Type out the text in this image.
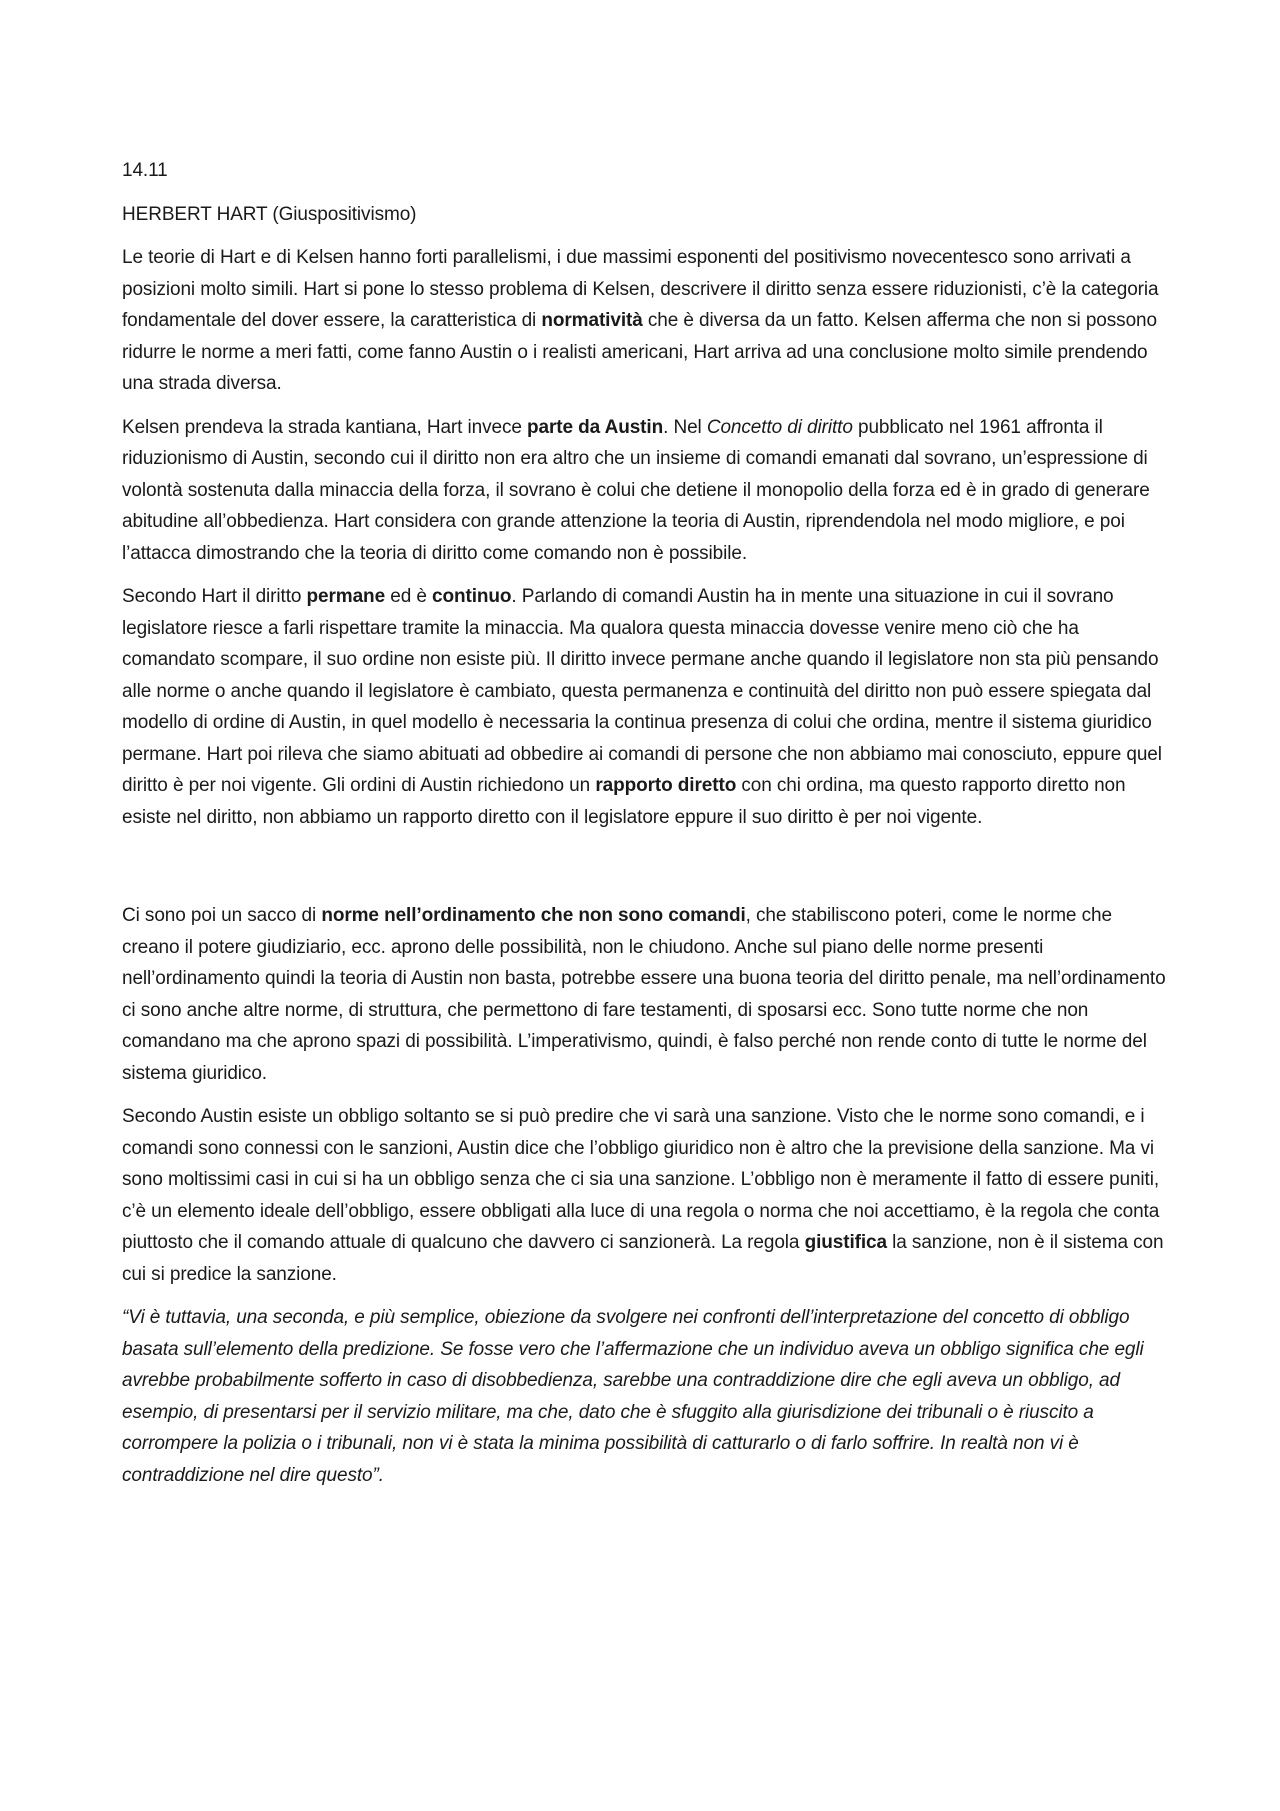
14.11

HERBERT HART (Giuspositivismo)

Le teorie di Hart e di Kelsen hanno forti parallelismi, i due massimi esponenti del positivismo novecentesco sono arrivati a posizioni molto simili. Hart si pone lo stesso problema di Kelsen, descrivere il diritto senza essere riduzionisti, c’è la categoria fondamentale del dover essere, la caratteristica di normatività che è diversa da un fatto. Kelsen afferma che non si possono ridurre le norme a meri fatti, come fanno Austin o i realisti americani, Hart arriva ad una conclusione molto simile prendendo una strada diversa.

Kelsen prendeva la strada kantiana, Hart invece parte da Austin. Nel Concetto di diritto pubblicato nel 1961 affronta il riduzionismo di Austin, secondo cui il diritto non era altro che un insieme di comandi emanati dal sovrano, un’espressione di volontà sostenuta dalla minaccia della forza, il sovrano è colui che detiene il monopolio della forza ed è in grado di generare abitudine all’obbedienza. Hart considera con grande attenzione la teoria di Austin, riprendendola nel modo migliore, e poi l’attacca dimostrando che la teoria di diritto come comando non è possibile.

Secondo Hart il diritto permane ed è continuo. Parlando di comandi Austin ha in mente una situazione in cui il sovrano legislatore riesce a farli rispettare tramite la minaccia. Ma qualora questa minaccia dovesse venire meno ciò che ha comandato scompare, il suo ordine non esiste più. Il diritto invece permane anche quando il legislatore non sta più pensando alle norme o anche quando il legislatore è cambiato, questa permanenza e continuità del diritto non può essere spiegata dal modello di ordine di Austin, in quel modello è necessaria la continua presenza di colui che ordina, mentre il sistema giuridico permane. Hart poi rileva che siamo abituati ad obbedire ai comandi di persone che non abbiamo mai conosciuto, eppure quel diritto è per noi vigente. Gli ordini di Austin richiedono un rapporto diretto con chi ordina, ma questo rapporto diretto non esiste nel diritto, non abbiamo un rapporto diretto con il legislatore eppure il suo diritto è per noi vigente.

Ci sono poi un sacco di norme nell’ordinamento che non sono comandi, che stabiliscono poteri, come le norme che creano il potere giudiziario, ecc. aprono delle possibilità, non le chiudono. Anche sul piano delle norme presenti nell’ordinamento quindi la teoria di Austin non basta, potrebbe essere una buona teoria del diritto penale, ma nell’ordinamento ci sono anche altre norme, di struttura, che permettono di fare testamenti, di sposarsi ecc. Sono tutte norme che non comandano ma che aprono spazi di possibilità. L’imperativismo, quindi, è falso perché non rende conto di tutte le norme del sistema giuridico.

Secondo Austin esiste un obbligo soltanto se si può predire che vi sarà una sanzione. Visto che le norme sono comandi, e i comandi sono connessi con le sanzioni, Austin dice che l’obbligo giuridico non è altro che la previsione della sanzione. Ma vi sono moltissimi casi in cui si ha un obbligo senza che ci sia una sanzione. L’obbligo non è meramente il fatto di essere puniti, c’è un elemento ideale dell’obbligo, essere obbligati alla luce di una regola o norma che noi accettiamo, è la regola che conta piuttosto che il comando attuale di qualcuno che davvero ci sanzionerà. La regola giustifica la sanzione, non è il sistema con cui si predice la sanzione.

“Vi è tuttavia, una seconda, e più semplice, obiezione da svolgere nei confronti dell’interpretazione del concetto di obbligo basata sull’elemento della predizione. Se fosse vero che l’affermazione che un individuo aveva un obbligo significa che egli avrebbe probabilmente sofferto in caso di disobbedienza, sarebbe una contraddizione dire che egli aveva un obbligo, ad esempio, di presentarsi per il servizio militare, ma che, dato che è sfuggito alla giurisdizione dei tribunali o è riuscito a corrompere la polizia o i tribunali, non vi è stata la minima possibilità di catturarlo o di farlo soffrire. In realtà non vi è contraddizione nel dire questo”.
